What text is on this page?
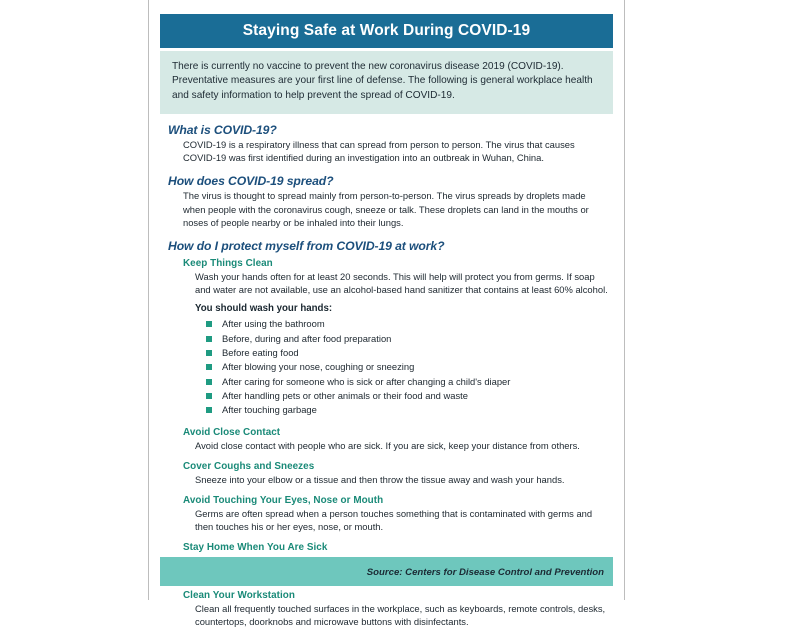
Staying Safe at Work During COVID-19

There is currently no vaccine to prevent the new coronavirus disease 2019 (COVID-19). Preventative measures are your first line of defense. The following is general workplace health and safety information to help prevent the spread of COVID-19.

What is COVID-19?

COVID-19 is a respiratory illness that can spread from person to person. The virus that causes COVID-19 was first identified during an investigation into an outbreak in Wuhan, China.

How does COVID-19 spread?

The virus is thought to spread mainly from person-to-person. The virus spreads by droplets made when people with the coronavirus cough, sneeze or talk. These droplets can land in the mouths or noses of people nearby or be inhaled into their lungs.

How do I protect myself from COVID-19 at work?
Keep Things Clean

Wash your hands often for at least 20 seconds. This will help will protect you from germs. If soap and water are not available, use an alcohol-based hand sanitizer that contains at least 60% alcohol.

You should wash your hands:
After using the bathroom
Before, during and after food preparation
Before eating food
After blowing your nose, coughing or sneezing
After caring for someone who is sick or after changing a child's diaper
After handling pets or other animals or their food and waste
After touching garbage
Avoid Close Contact

Avoid close contact with people who are sick. If you are sick, keep your distance from others.

Cover Coughs and Sneezes

Sneeze into your elbow or a tissue and then throw the tissue away and wash your hands.

Avoid Touching Your Eyes, Nose or Mouth

Germs are often spread when a person touches something that is contaminated with germs and then touches his or her eyes, nose, or mouth.

Stay Home When You Are Sick

Clean Your Workstation

Clean all frequently touched surfaces in the workplace, such as keyboards, remote controls, desks, countertops, doorknobs and microwave buttons with disinfectants.

Source: Centers for Disease Control and Prevention
